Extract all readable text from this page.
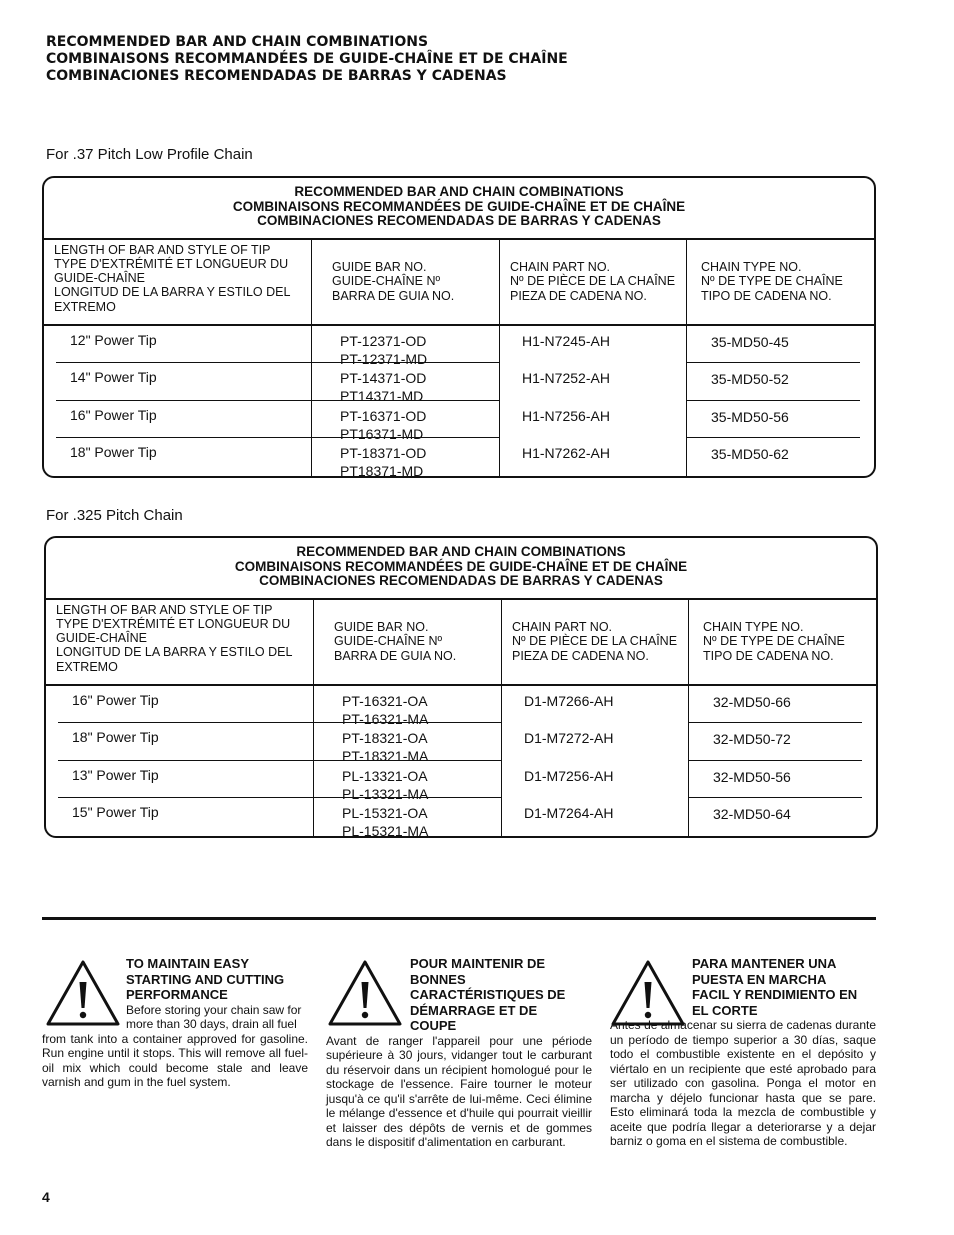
RECOMMENDED BAR AND CHAIN COMBINATIONS
COMBINAISONS RECOMMANDÉES DE GUIDE-CHAÎNE ET DE CHAÎNE
COMBINACIONES RECOMENDADAS DE BARRAS Y CADENAS
For .37 Pitch Low Profile Chain
RECOMMENDED BAR AND CHAIN COMBINATIONS
COMBINAISONS RECOMMANDÉES DE GUIDE-CHAÎNE ET DE CHAÎNE
COMBINACIONES RECOMENDADAS DE BARRAS Y CADENAS
LENGTH OF BAR AND STYLE OF TIP
TYPE D'EXTRÉMITÉ ET LONGUEUR DU
GUIDE-CHAÎNE
LONGITUD DE LA BARRA Y ESTILO DEL
EXTREMO
GUIDE BAR NO.
GUIDE-CHAÎNE Nº
BARRA DE GUIA NO.
CHAIN PART NO.
Nº DE PIÈCE DE LA CHAÎNE
PIEZA DE CADENA NO.
CHAIN TYPE NO.
Nº DE TYPE DE CHAÎNE
TIPO DE CADENA NO.
12" Power Tip
14" Power Tip
16" Power Tip
18" Power Tip
PT-12371-OD
PT-12371-MD
PT-14371-OD
PT14371-MD
PT-16371-OD
PT16371-MD
PT-18371-OD
PT18371-MD
H1-N7245-AH
H1-N7252-AH
H1-N7256-AH
H1-N7262-AH
35-MD50-45
35-MD50-52
35-MD50-56
35-MD50-62
For .325 Pitch Chain
RECOMMENDED BAR AND CHAIN COMBINATIONS
COMBINAISONS RECOMMANDÉES DE GUIDE-CHAÎNE ET DE CHAÎNE
COMBINACIONES RECOMENDADAS DE BARRAS Y CADENAS
LENGTH OF BAR AND STYLE OF TIP
TYPE D'EXTRÉMITÉ ET LONGUEUR DU
GUIDE-CHAÎNE
LONGITUD DE LA BARRA Y ESTILO DEL
EXTREMO
GUIDE BAR NO.
GUIDE-CHAÎNE Nº
BARRA DE GUIA NO.
CHAIN PART NO.
Nº DE PIÈCE DE LA CHAÎNE
PIEZA DE CADENA NO.
CHAIN TYPE NO.
Nº DE TYPE DE CHAÎNE
TIPO DE CADENA NO.
16" Power Tip
18" Power Tip
13" Power Tip
15" Power Tip
PT-16321-OA
PT-16321-MA
PT-18321-OA
PT-18321-MA
PL-13321-OA
PL-13321-MA
PL-15321-OA
PL-15321-MA
D1-M7266-AH
D1-M7272-AH
D1-M7256-AH
D1-M7264-AH
32-MD50-66
32-MD50-72
32-MD50-56
32-MD50-64
TO MAINTAIN EASY
STARTING AND CUTTING
PERFORMANCE
Before storing your chain saw for
more than 30 days, drain all fuel
from tank into a container approved for gasoline. Run engine until it stops. This will remove all fuel-oil mix which could become stale and leave varnish and gum in the fuel system.
POUR MAINTENIR DE
BONNES
CARACTÉRISTIQUES DE
DÉMARRAGE ET DE
COUPE
Avant de ranger l'appareil pour une période supérieure à 30 jours, vidanger tout le carburant du réservoir dans un récipient homologué pour le stockage de l'essence. Faire tourner le moteur jusqu'à ce qu'il s'arrête de lui-même. Ceci élimine le mélange d'essence et d'huile qui pourrait vieillir et laisser des dépôts de vernis et de gommes dans le dispositif d'alimentation en carburant.
PARA MANTENER UNA
PUESTA EN MARCHA
FACIL Y RENDIMIENTO EN
EL CORTE
Antes de almacenar su sierra de cadenas durante un período de tiempo superior a 30 días, saque todo el combustible existente en el depósito y viértalo en un recipiente que esté aprobado para ser utilizado con gasolina. Ponga el motor en marcha y déjelo funcionar hasta que se pare. Esto eliminará toda la mezcla de combustible y aceite que podría llegar a deteriorarse y a dejar barniz o goma en el sistema de combustible.
4
